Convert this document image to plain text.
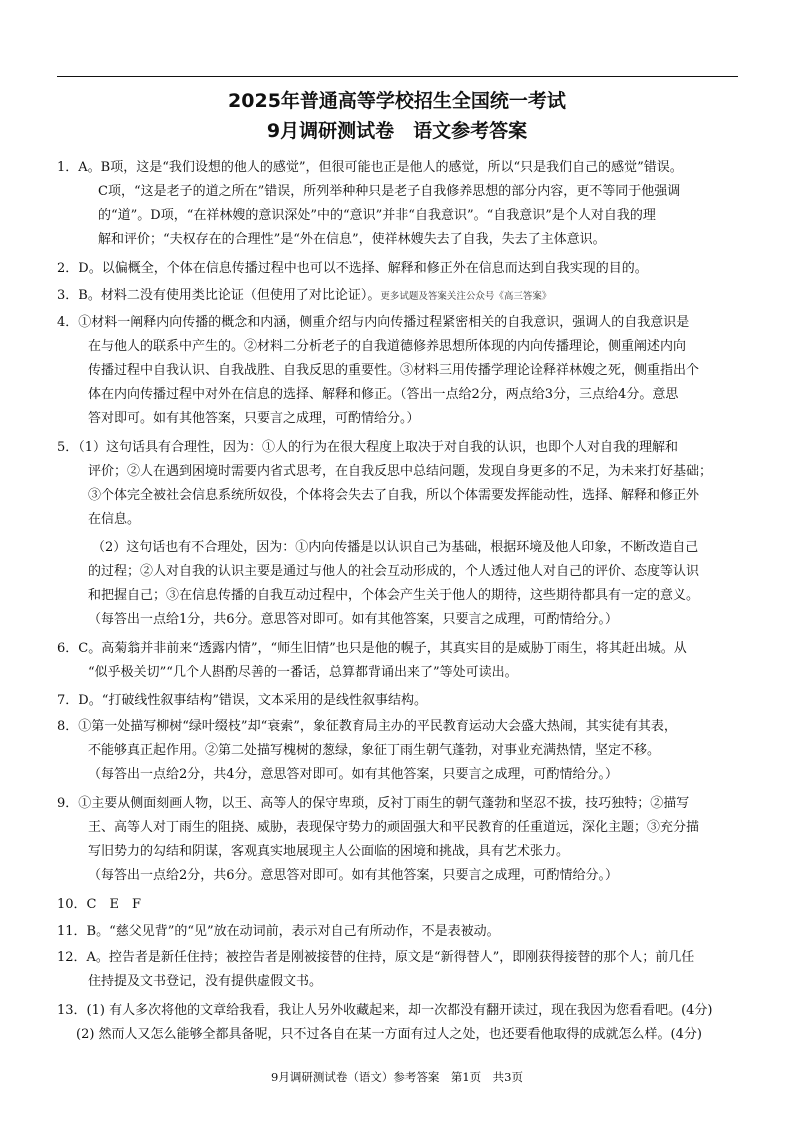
2025年普通高等学校招生全国统一考试
9月调研测试卷　语文参考答案
1．A。B项，这是“我们设想的他人的感觉”，但很可能也正是他人的感觉，所以“只是我们自己的感觉”错误。
C项，“这是老子的道之所在”错误，所列举种种只是老子自我修养思想的部分内容，更不等同于他强调
的“道”。D项，“在祥林嫂的意识深处”中的“意识”并非“自我意识”。“自我意识”是个人对自我的理
解和评价；“夫权存在的合理性”是“外在信息”，使祥林嫂失去了自我，失去了主体意识。
2．D。以偏概全，个体在信息传播过程中也可以不选择、解释和修正外在信息而达到自我实现的目的。
3．B。材料二没有使用类比论证（但使用了对比论证）。更多试题及答案关注公众号《高三答案》
4．①材料一阐释内向传播的概念和内涵，侧重介绍与内向传播过程紧密相关的自我意识，强调人的自我意识是
在与他人的联系中产生的。②材料二分析老子的自我道德修养思想所体现的内向传播理论，侧重阐述内向
传播过程中自我认识、自我战胜、自我反思的重要性。③材料三用传播学理论诠释祥林嫂之死，侧重指出个
体在内向传播过程中对外在信息的选择、解释和修正。（答出一点给2分，两点给3分，三点给4分。意思
答对即可。如有其他答案，只要言之成理，可酌情给分。）
5．（1）这句话具有合理性，因为：①人的行为在很大程度上取决于对自我的认识，也即个人对自我的理解和
评价；②人在遇到困境时需要内省式思考，在自我反思中总结问题，发现自身更多的不足，为未来打好基础；
③个体完全被社会信息系统所奴役，个体将会失去了自我，所以个体需要发挥能动性，选择、解释和修正外
在信息。
（2）这句话也有不合理处，因为：①内向传播是以认识自己为基础，根据环境及他人印象，不断改造自己
的过程；②人对自我的认识主要是通过与他人的社会互动形成的，个人透过他人对自己的评价、态度等认识
和把握自己；③在信息传播的自我互动过程中，个体会产生关于他人的期待，这些期待都具有一定的意义。
（每答出一点给1分，共6分。意思答对即可。如有其他答案，只要言之成理，可酌情给分。）
6．C。高菊翁并非前来“透露内情”，“师生旧情”也只是他的幌子，其真实目的是威胁丁雨生，将其赶出城。从
“似乎极关切”“几个人斟酌尽善的一番话，总算都背诵出来了”等处可读出。
7．D。“打破线性叙事结构”错误，文本采用的是线性叙事结构。
8．①第一处描写柳树“绿叶缀枝”却“衰索”，象征教育局主办的平民教育运动大会盛大热闹，其实徒有其表，
不能够真正起作用。②第二处描写槐树的葱绿，象征丁雨生朝气蓬勃，对事业充满热情，坚定不移。
（每答出一点给2分，共4分，意思答对即可。如有其他答案，只要言之成理，可酌情给分。）
9．①主要从侧面刻画人物，以王、高等人的保守卑琐，反衬丁雨生的朝气蓬勃和坚忍不拔，技巧独特；②描写
王、高等人对丁雨生的阻挠、威胁，表现保守势力的顽固强大和平民教育的任重道远，深化主题；③充分描
写旧势力的勾结和阴谋，客观真实地展现主人公面临的困境和挑战，具有艺术张力。
（每答出一点给2分，共6分。意思答对即可。如有其他答案，只要言之成理，可酌情给分。）
10．C　E　F
11．B。“慈父见背”的“见”放在动词前，表示对自己有所动作，不是表被动。
12．A。控告者是新任住持；被控告者是刚被接替的住持，原文是“新得替人”，即刚获得接替的那个人；前几任
住持提及文书登记，没有提供虚假文书。
13．(1) 有人多次将他的文章给我看，我让人另外收藏起来，却一次都没有翻开读过，现在我因为您看看吧。(4分)
(2) 然而人又怎么能够全都具备呢，只不过各自在某一方面有过人之处，也还要看他取得的成就怎么样。(4分)
9月调研测试卷（语文）参考答案　第1页　共3页
